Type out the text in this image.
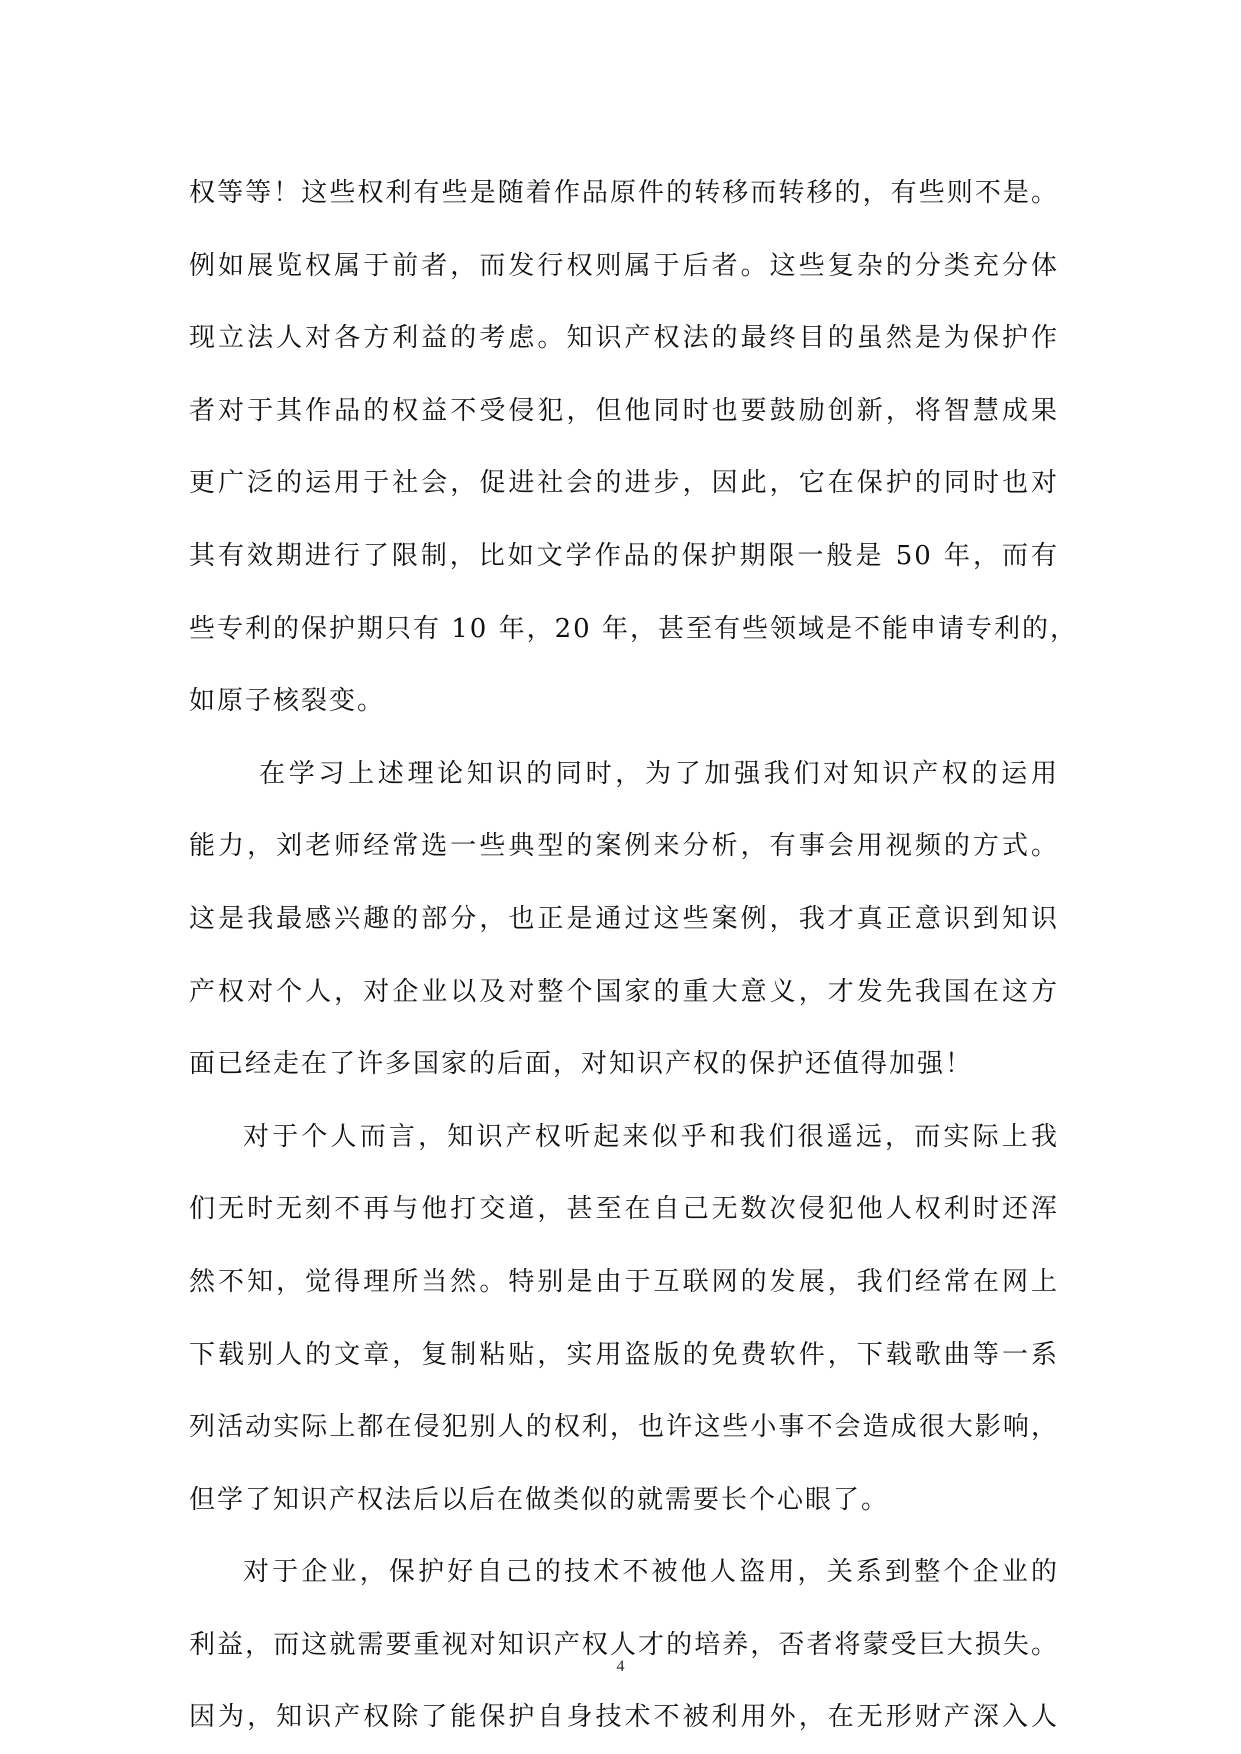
权等等！这些权利有些是随着作品原件的转移而转移的，有些则不是。
例如展览权属于前者，而发行权则属于后者。这些复杂的分类充分体
现立法人对各方利益的考虑。知识产权法的最终目的虽然是为保护作
者对于其作品的权益不受侵犯，但他同时也要鼓励创新，将智慧成果
更广泛的运用于社会，促进社会的进步，因此，它在保护的同时也对
其有效期进行了限制，比如文学作品的保护期限一般是 50 年，而有
些专利的保护期只有 10 年，20 年，甚至有些领域是不能申请专利的，
如原子核裂变。
在学习上述理论知识的同时，为了加强我们对知识产权的运用
能力，刘老师经常选一些典型的案例来分析，有事会用视频的方式。
这是我最感兴趣的部分，也正是通过这些案例，我才真正意识到知识
产权对个人，对企业以及对整个国家的重大意义，才发先我国在这方
面已经走在了许多国家的后面，对知识产权的保护还值得加强！
对于个人而言，知识产权听起来似乎和我们很遥远，而实际上我
们无时无刻不再与他打交道，甚至在自己无数次侵犯他人权利时还浑
然不知，觉得理所当然。特别是由于互联网的发展，我们经常在网上
下载别人的文章，复制粘贴，实用盗版的免费软件，下载歌曲等一系
列活动实际上都在侵犯别人的权利，也许这些小事不会造成很大影响，
但学了知识产权法后以后在做类似的就需要长个心眼了。
对于企业，保护好自己的技术不被他人盗用，关系到整个企业的
利益，而这就需要重视对知识产权人才的培养，否者将蒙受巨大损失。
因为，知识产权除了能保护自身技术不被利用外，在无形财产深入人
4
